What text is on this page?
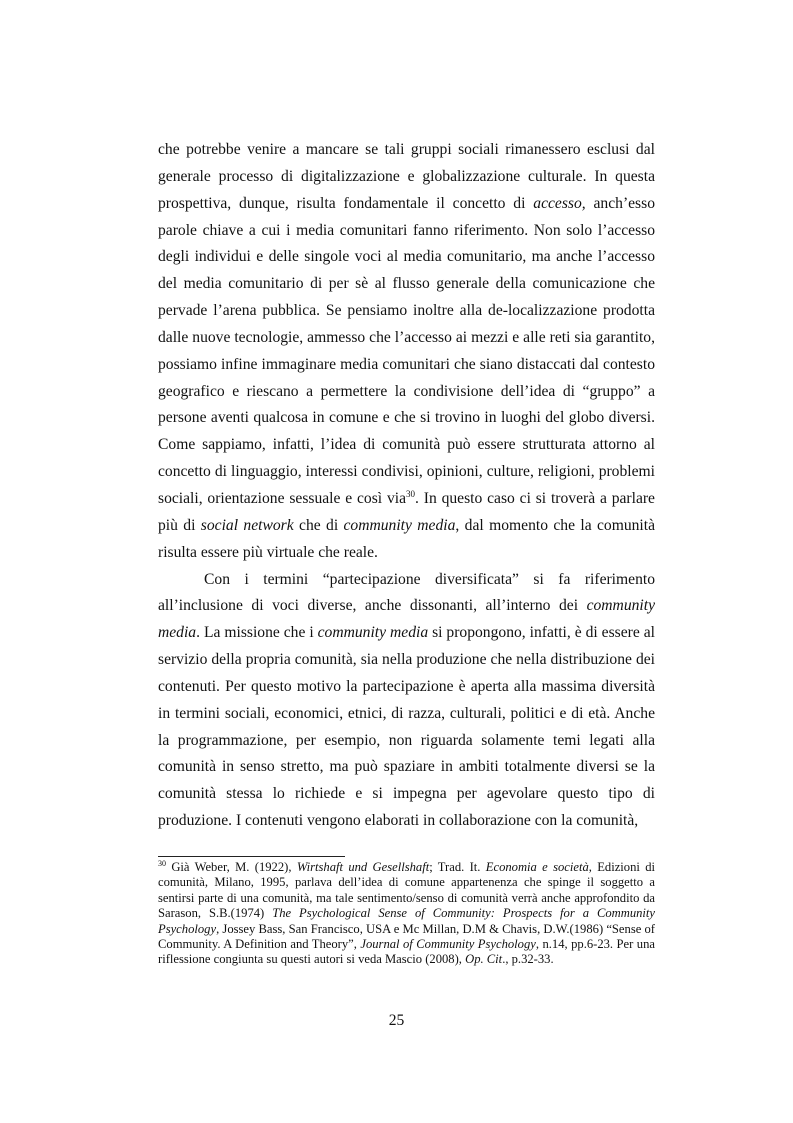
che potrebbe venire a mancare se tali gruppi sociali rimanessero esclusi dal generale processo di digitalizzazione e globalizzazione culturale. In questa prospettiva, dunque, risulta fondamentale il concetto di accesso, anch’esso parole chiave a cui i media comunitari fanno riferimento. Non solo l’accesso degli individui e delle singole voci al media comunitario, ma anche l’accesso del media comunitario di per sè al flusso generale della comunicazione che pervade l’arena pubblica. Se pensiamo inoltre alla de-localizzazione prodotta dalle nuove tecnologie, ammesso che l’accesso ai mezzi e alle reti sia garantito, possiamo infine immaginare media comunitari che siano distaccati dal contesto geografico e riescano a permettere la condivisione dell’idea di “gruppo” a persone aventi qualcosa in comune e che si trovino in luoghi del globo diversi. Come sappiamo, infatti, l’idea di comunità può essere strutturata attorno al concetto di linguaggio, interessi condivisi, opinioni, culture, religioni, problemi sociali, orientazione sessuale e così via$^{30}$. In questo caso ci si troverà a parlare più di social network che di community media, dal momento che la comunità risulta essere più virtuale che reale.

Con i termini “partecipazione diversificata” si fa riferimento all’inclusione di voci diverse, anche dissonanti, all’interno dei community media. La missione che i community media si propongono, infatti, è di essere al servizio della propria comunità, sia nella produzione che nella distribuzione dei contenuti. Per questo motivo la partecipazione è aperta alla massima diversità in termini sociali, economici, etnici, di razza, culturali, politici e di età. Anche la programmazione, per esempio, non riguarda solamente temi legati alla comunità in senso stretto, ma può spaziare in ambiti totalmente diversi se la comunità stessa lo richiede e si impegna per agevolare questo tipo di produzione. I contenuti vengono elaborati in collaborazione con la comunità,

$^{30}$ Già Weber, M. (1922), Wirtshaft und Gesellshaft; Trad. It. Economia e società, Edizioni di comunità, Milano, 1995, parlava dell’idea di comune appartenenza che spinge il soggetto a sentirsi parte di una comunità, ma tale sentimento/senso di comunità verrà anche approfondito da Sarason, S.B.(1974) The Psychological Sense of Community: Prospects for a Community Psychology, Jossey Bass, San Francisco, USA e Mc Millan, D.M & Chavis, D.W.(1986) “Sense of Community. A Definition and Theory”, Journal of Community Psychology, n.14, pp.6-23. Per una riflessione congiunta su questi autori si veda Mascio (2008), Op. Cit., p.32-33.
25
